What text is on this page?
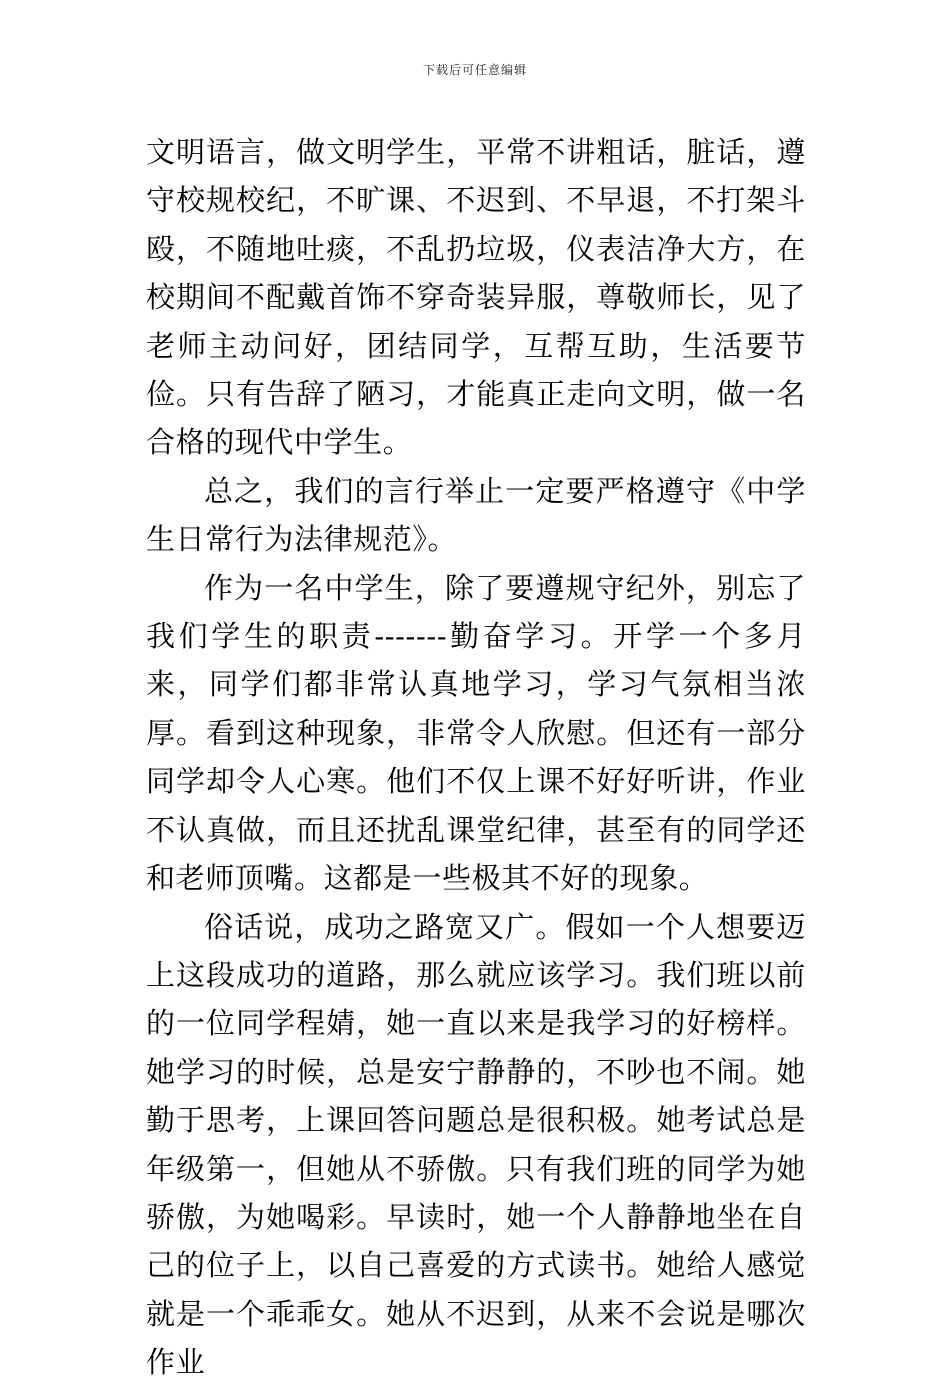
下载后可任意编辑

文明语言，做文明学生，平常不讲粗话，脏话，遵守校规校纪，不旷课、不迟到、不早退，不打架斗殴，不随地吐痰，不乱扔垃圾，仪表洁净大方，在校期间不配戴首饰不穿奇装异服，尊敬师长，见了老师主动问好，团结同学，互帮互助，生活要节俭。只有告辞了陋习，才能真正走向文明，做一名合格的现代中学生。

总之，我们的言行举止一定要严格遵守《中学生日常行为法律规范》。

作为一名中学生，除了要遵规守纪外，别忘了我们学生的职责-------勤奋学习。开学一个多月来，同学们都非常认真地学习，学习气氛相当浓厚。看到这种现象，非常令人欣慰。但还有一部分同学却令人心寒。他们不仅上课不好好听讲，作业不认真做，而且还扰乱课堂纪律，甚至有的同学还和老师顶嘴。这都是一些极其不好的现象。

俗话说，成功之路宽又广。假如一个人想要迈上这段成功的道路，那么就应该学习。我们班以前的一位同学程婧，她一直以来是我学习的好榜样。她学习的时候，总是安宁静静的，不吵也不闹。她勤于思考，上课回答问题总是很积极。她考试总是年级第一，但她从不骄傲。只有我们班的同学为她骄傲，为她喝彩。早读时，她一个人静静地坐在自己的位子上，以自己喜爱的方式读书。她给人感觉就是一个乖乖女。她从不迟到，从来不会说是哪次作业
